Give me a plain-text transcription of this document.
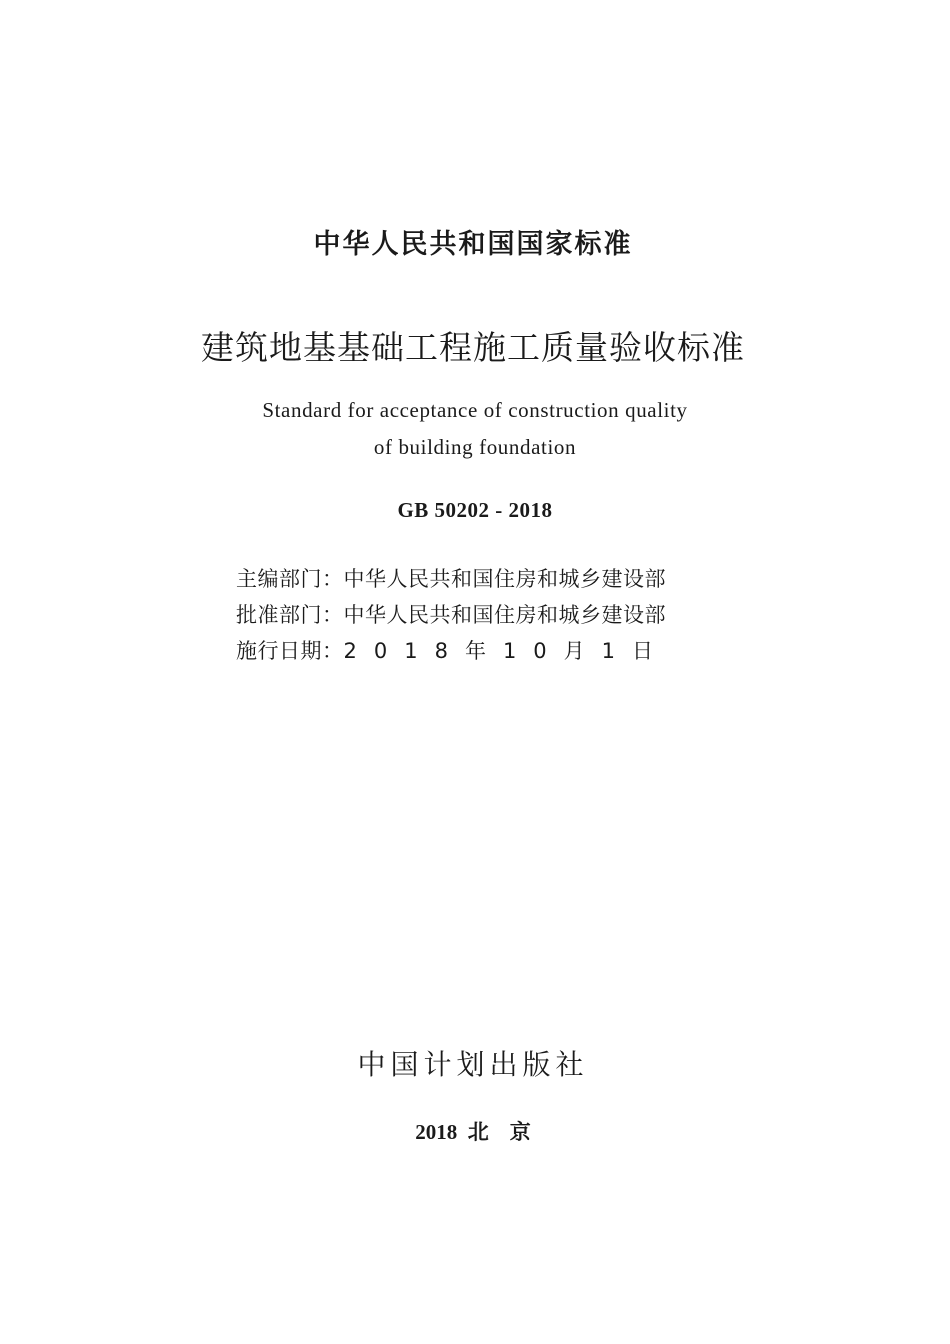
中华人民共和国国家标准
建筑地基基础工程施工质量验收标准
Standard for acceptance of construction quality
of building foundation
GB 50202 - 2018
主编部门：中华人民共和国住房和城乡建设部
批准部门：中华人民共和国住房和城乡建设部
施行日期：2018年10月1日
中国计划出版社
2018  北    京
